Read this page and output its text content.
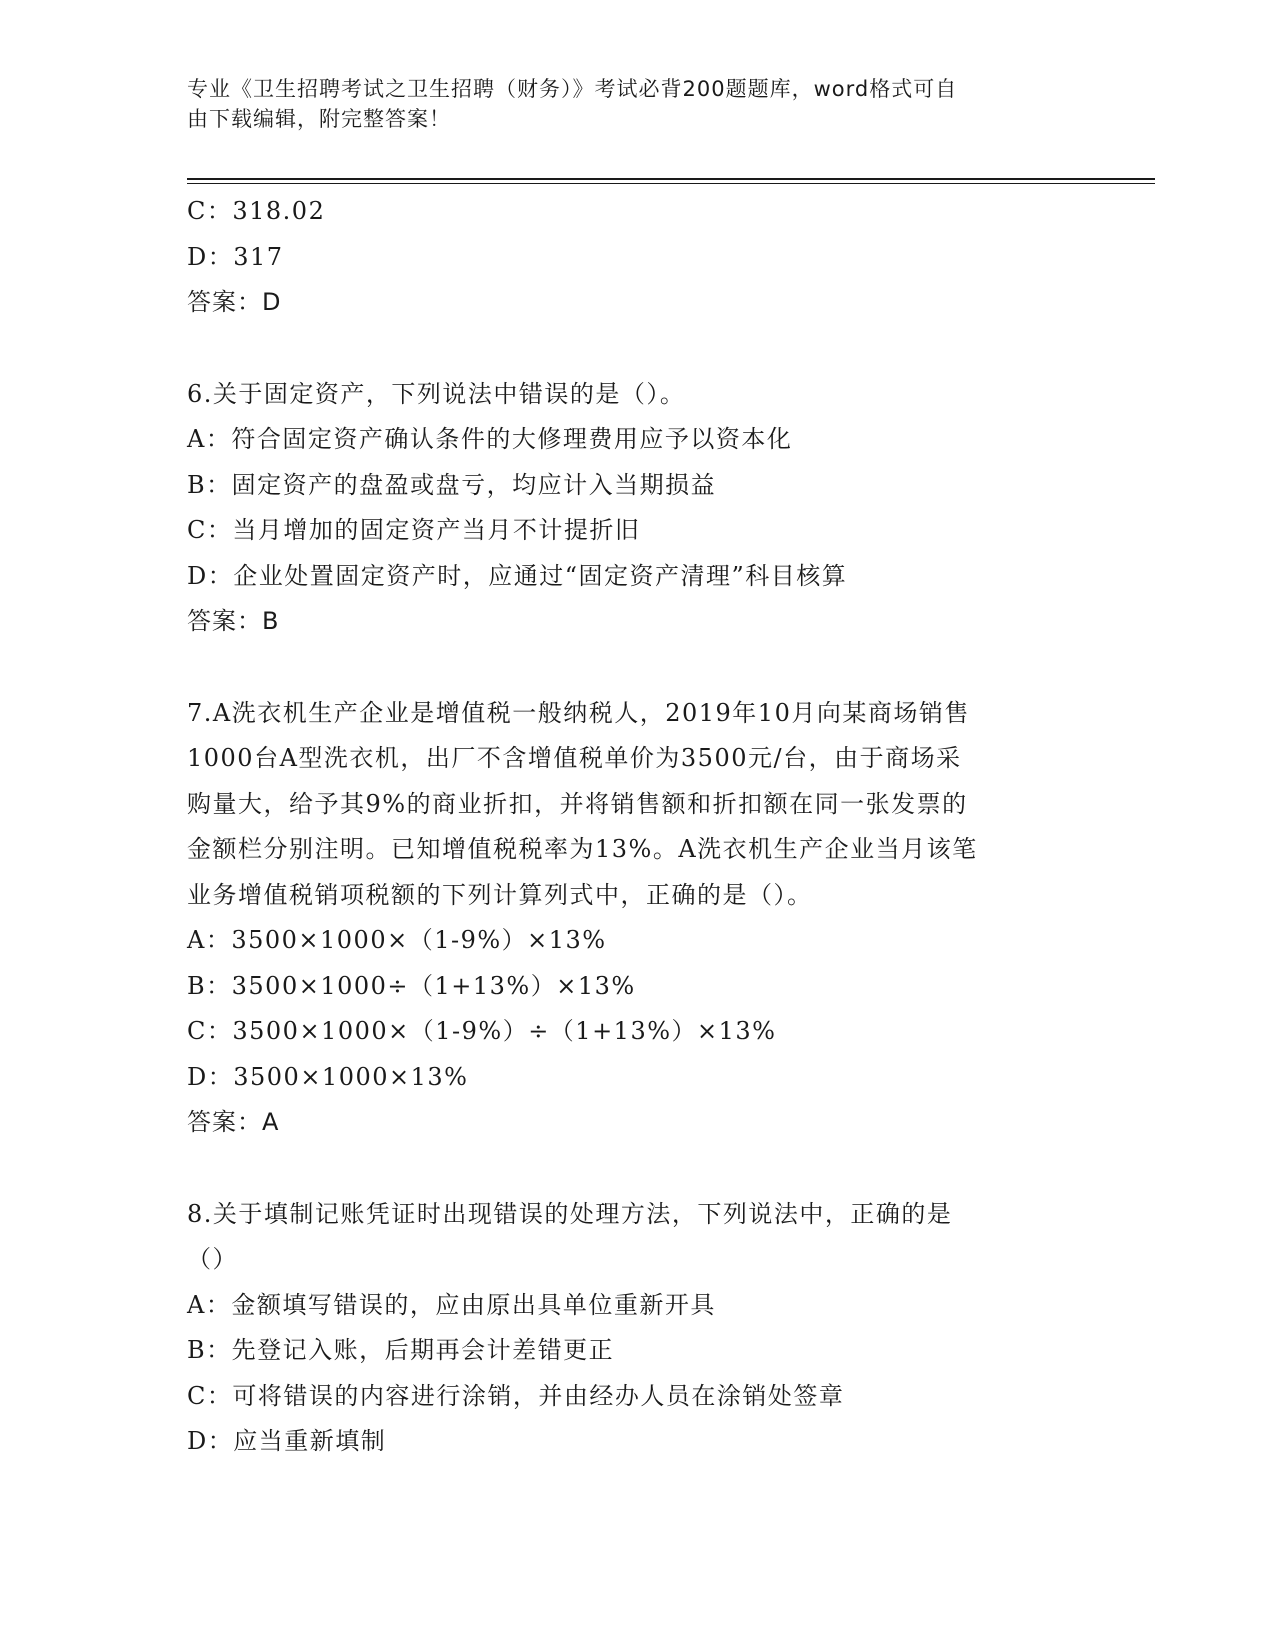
专业《卫生招聘考试之卫生招聘（财务）》考试必背200题题库，word格式可自
由下载编辑，附完整答案！
C：318.02
D：317
答案：D
6.关于固定资产，下列说法中错误的是（）。
A：符合固定资产确认条件的大修理费用应予以资本化
B：固定资产的盘盈或盘亏，均应计入当期损益
C：当月增加的固定资产当月不计提折旧
D：企业处置固定资产时，应通过“固定资产清理”科目核算
答案：B
7.A洗衣机生产企业是增值税一般纳税人，2019年10月向某商场销售
1000台A型洗衣机，出厂不含增值税单价为3500元/台，由于商场采
购量大，给予其9%的商业折扣，并将销售额和折扣额在同一张发票的
金额栏分别注明。已知增值税税率为13%。A洗衣机生产企业当月该笔
业务增值税销项税额的下列计算列式中，正确的是（）。
A：3500×1000×（1-9%）×13%
B：3500×1000÷（1+13%）×13%
C：3500×1000×（1-9%）÷（1+13%）×13%
D：3500×1000×13%
答案：A
8.关于填制记账凭证时出现错误的处理方法，下列说法中，正确的是
（）
A：金额填写错误的，应由原出具单位重新开具
B：先登记入账，后期再会计差错更正
C：可将错误的内容进行涂销，并由经办人员在涂销处签章
D：应当重新填制
